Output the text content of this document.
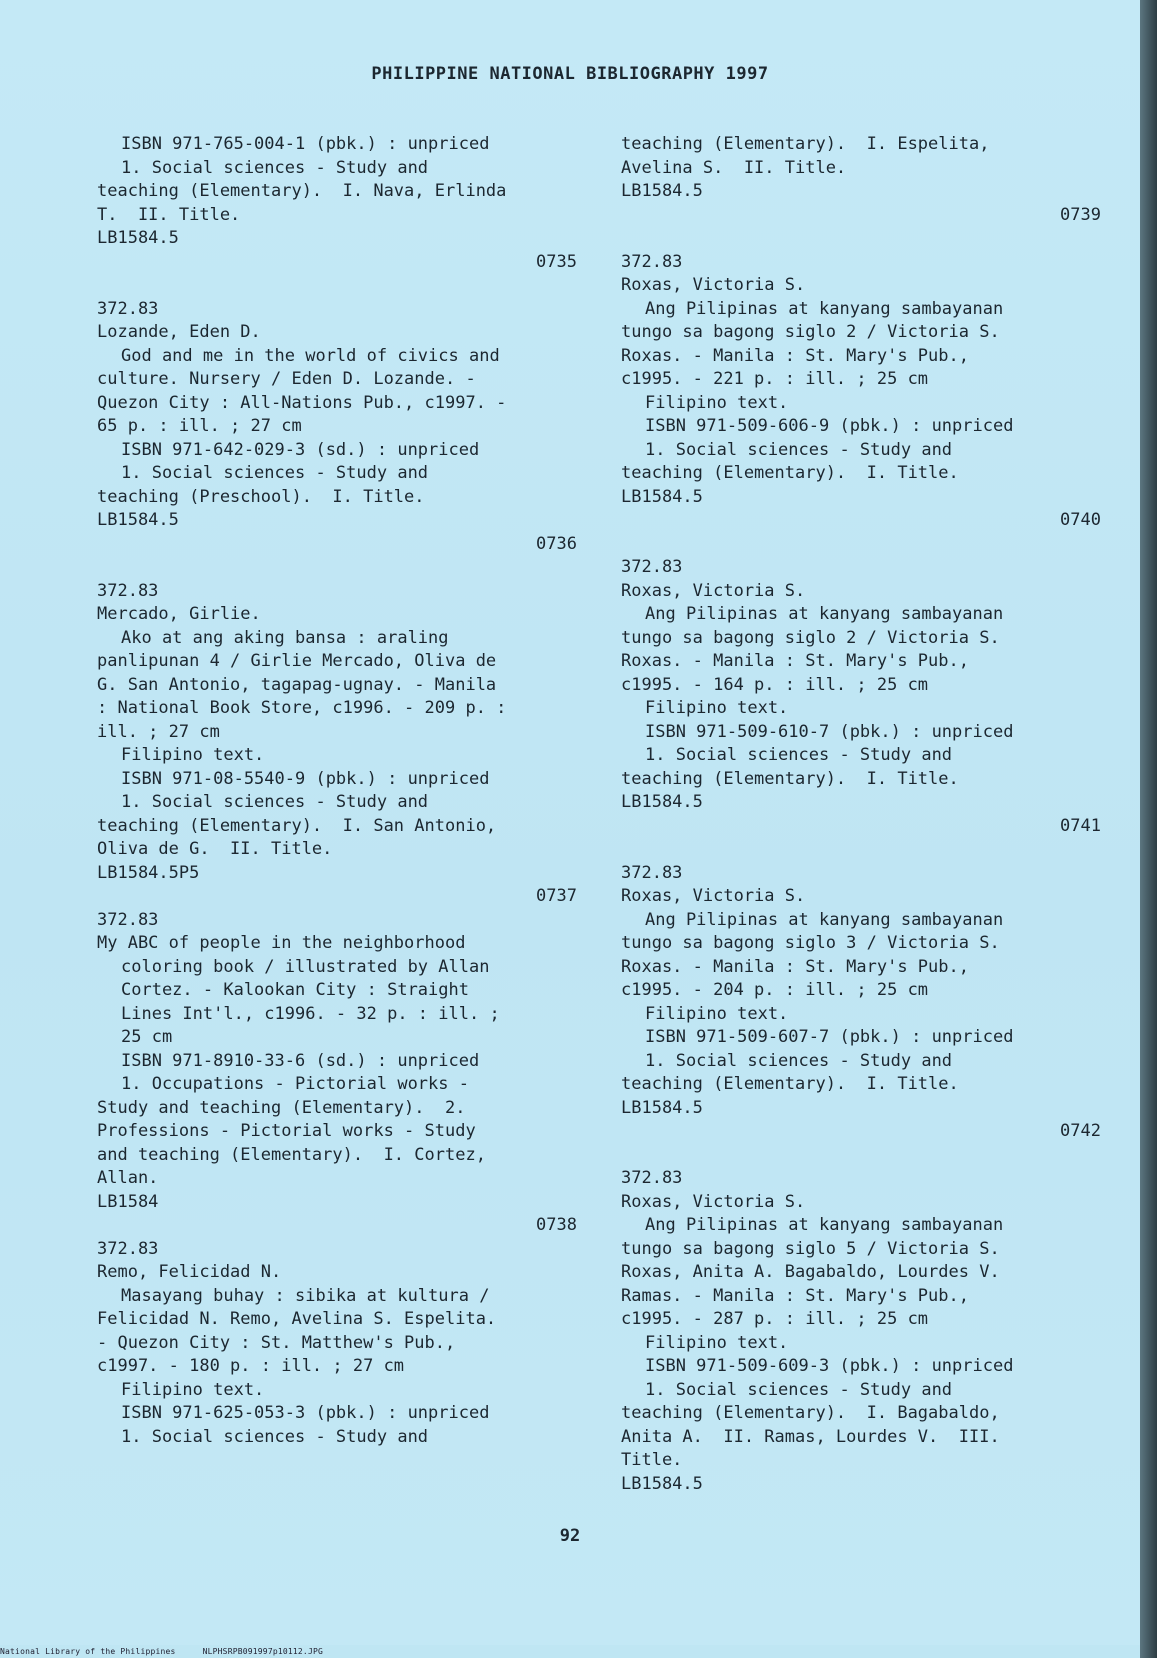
PHILIPPINE NATIONAL BIBLIOGRAPHY 1997
ISBN 971-765-004-1 (pbk.) : unpriced
1. Social sciences - Study and
teaching (Elementary).  I. Nava, Erlinda
T.  II. Title.
LB1584.5
0735
372.83
Lozande, Eden D.
God and me in the world of civics and
culture. Nursery / Eden D. Lozande. -
Quezon City : All-Nations Pub., c1997. -
65 p. : ill. ; 27 cm
ISBN 971-642-029-3 (sd.) : unpriced
1. Social sciences - Study and
teaching (Preschool).  I. Title.
LB1584.5
0736
372.83
Mercado, Girlie.
Ako at ang aking bansa : araling
panlipunan 4 / Girlie Mercado, Oliva de
G. San Antonio, tagapag-ugnay. - Manila
: National Book Store, c1996. - 209 p. :
ill. ; 27 cm
Filipino text.
ISBN 971-08-5540-9 (pbk.) : unpriced
1. Social sciences - Study and
teaching (Elementary).  I. San Antonio,
Oliva de G.  II. Title.
LB1584.5P5
0737
372.83
My ABC of people in the neighborhood
coloring book / illustrated by Allan
Cortez. - Kalookan City : Straight
Lines Int'l., c1996. - 32 p. : ill. ;
25 cm
ISBN 971-8910-33-6 (sd.) : unpriced
1. Occupations - Pictorial works -
Study and teaching (Elementary).  2.
Professions - Pictorial works - Study
and teaching (Elementary).  I. Cortez,
Allan.
LB1584
0738
372.83
Remo, Felicidad N.
Masayang buhay : sibika at kultura /
Felicidad N. Remo, Avelina S. Espelita.
- Quezon City : St. Matthew's Pub.,
c1997. - 180 p. : ill. ; 27 cm
Filipino text.
ISBN 971-625-053-3 (pbk.) : unpriced
1. Social sciences - Study and
teaching (Elementary).  I. Espelita,
Avelina S.  II. Title.
LB1584.5
0739
372.83
Roxas, Victoria S.
Ang Pilipinas at kanyang sambayanan
tungo sa bagong siglo 2 / Victoria S.
Roxas. - Manila : St. Mary's Pub.,
c1995. - 221 p. : ill. ; 25 cm
Filipino text.
ISBN 971-509-606-9 (pbk.) : unpriced
1. Social sciences - Study and
teaching (Elementary).  I. Title.
LB1584.5
0740
372.83
Roxas, Victoria S.
Ang Pilipinas at kanyang sambayanan
tungo sa bagong siglo 2 / Victoria S.
Roxas. - Manila : St. Mary's Pub.,
c1995. - 164 p. : ill. ; 25 cm
Filipino text.
ISBN 971-509-610-7 (pbk.) : unpriced
1. Social sciences - Study and
teaching (Elementary).  I. Title.
LB1584.5
0741
372.83
Roxas, Victoria S.
Ang Pilipinas at kanyang sambayanan
tungo sa bagong siglo 3 / Victoria S.
Roxas. - Manila : St. Mary's Pub.,
c1995. - 204 p. : ill. ; 25 cm
Filipino text.
ISBN 971-509-607-7 (pbk.) : unpriced
1. Social sciences - Study and
teaching (Elementary).  I. Title.
LB1584.5
0742
372.83
Roxas, Victoria S.
Ang Pilipinas at kanyang sambayanan
tungo sa bagong siglo 5 / Victoria S.
Roxas, Anita A. Bagabaldo, Lourdes V.
Ramas. - Manila : St. Mary's Pub.,
c1995. - 287 p. : ill. ; 25 cm
Filipino text.
ISBN 971-509-609-3 (pbk.) : unpriced
1. Social sciences - Study and
teaching (Elementary).  I. Bagabaldo,
Anita A.  II. Ramas, Lourdes V.  III.
Title.
LB1584.5
92
National Library of the Philippines	NLPHSRPB091997p10112.JPG
